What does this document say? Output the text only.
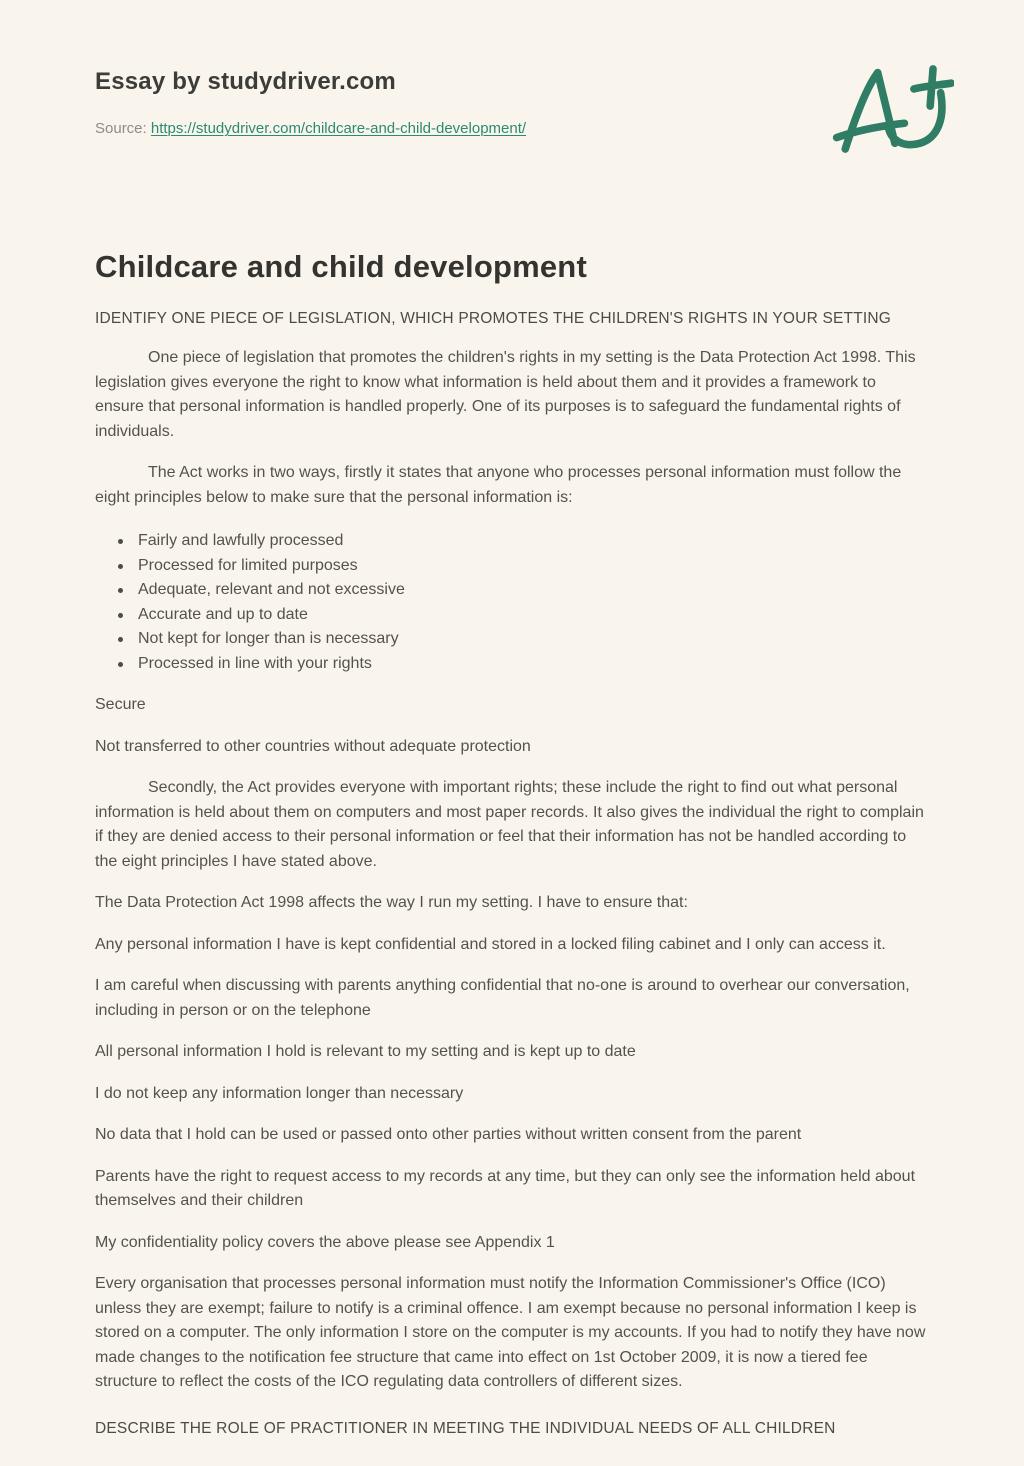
Essay by studydriver.com
Source: https://studydriver.com/childcare-and-child-development/
Childcare and child development
IDENTIFY ONE PIECE OF LEGISLATION, WHICH PROMOTES THE CHILDREN'S RIGHTS IN YOUR SETTING

One piece of legislation that promotes the children's rights in my setting is the Data Protection Act 1998. This legislation gives everyone the right to know what information is held about them and it provides a framework to ensure that personal information is handled properly. One of its purposes is to safeguard the fundamental rights of individuals.

The Act works in two ways, firstly it states that anyone who processes personal information must follow the eight principles below to make sure that the personal information is:

Fairly and lawfully processed
Processed for limited purposes
Adequate, relevant and not excessive
Accurate and up to date
Not kept for longer than is necessary
Processed in line with your rights

Secure

Not transferred to other countries without adequate protection

Secondly, the Act provides everyone with important rights; these include the right to find out what personal information is held about them on computers and most paper records. It also gives the individual the right to complain if they are denied access to their personal information or feel that their information has not be handled according to the eight principles I have stated above.

The Data Protection Act 1998 affects the way I run my setting. I have to ensure that:

Any personal information I have is kept confidential and stored in a locked filing cabinet and I only can access it.

I am careful when discussing with parents anything confidential that no-one is around to overhear our conversation, including in person or on the telephone

All personal information I hold is relevant to my setting and is kept up to date

I do not keep any information longer than necessary

No data that I hold can be used or passed onto other parties without written consent from the parent

Parents have the right to request access to my records at any time, but they can only see the information held about themselves and their children

My confidentiality policy covers the above please see Appendix 1

Every organisation that processes personal information must notify the Information Commissioner's Office (ICO) unless they are exempt; failure to notify is a criminal offence. I am exempt because no personal information I keep is stored on a computer. The only information I store on the computer is my accounts. If you had to notify they have now made changes to the notification fee structure that came into effect on 1st October 2009, it is now a tiered fee structure to reflect the costs of the ICO regulating data controllers of different sizes.

DESCRIBE THE ROLE OF PRACTITIONER IN MEETING THE INDIVIDUAL NEEDS OF ALL CHILDREN
